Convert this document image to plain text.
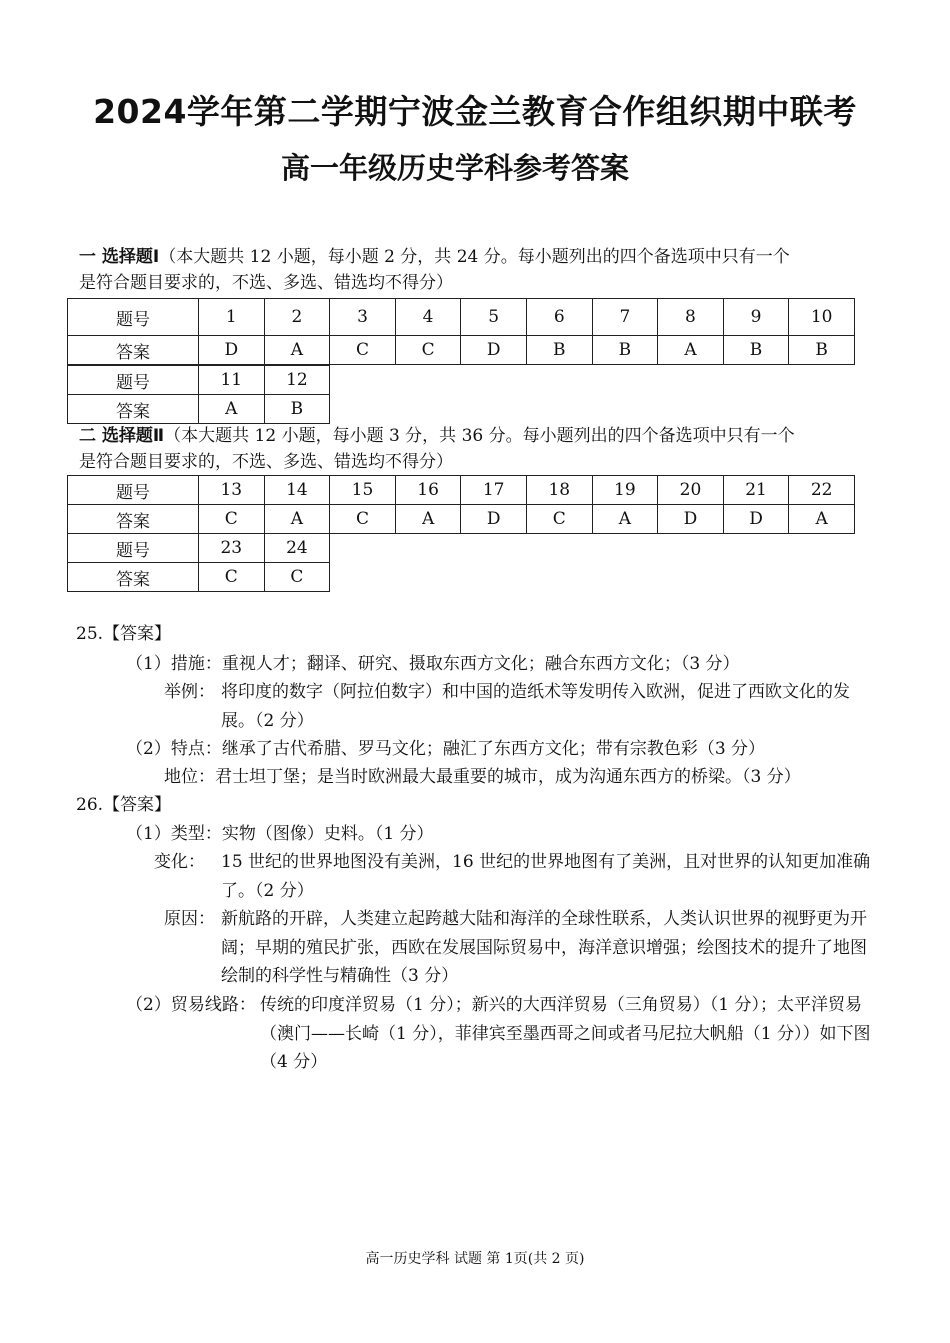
2024学年第二学期宁波金兰教育合作组织期中联考
高一年级历史学科参考答案
一 选择题Ⅰ（本大题共 12 小题，每小题 2 分，共 24 分。每小题列出的四个备选项中只有一个
是符合题目要求的，不选、多选、错选均不得分）
题号	1	2	3	4	5	6	7	8	9	10
答案	D	A	C	C	D	B	B	A	B	B
题号	11	12
答案	A	B
二 选择题Ⅱ（本大题共 12 小题，每小题 3 分，共 36 分。每小题列出的四个备选项中只有一个
是符合题目要求的，不选、多选、错选均不得分）
题号	13	14	15	16	17	18	19	20	21	22
答案	C	A	C	A	D	C	A	D	D	A
题号	23	24
答案	C	C
25.【答案】
（1）措施：重视人才；翻译、研究、摄取东西方文化；融合东西方文化；（3 分）
举例： 将印度的数字（阿拉伯数字）和中国的造纸术等发明传入欧洲，促进了西欧文化的发展。（2 分）
（2）特点：继承了古代希腊、罗马文化；融汇了东西方文化；带有宗教色彩（3 分）
地位：君士坦丁堡；是当时欧洲最大最重要的城市，成为沟通东西方的桥梁。（3 分）
26.【答案】
（1）类型：实物（图像）史料。（1 分）
变化： 15 世纪的世界地图没有美洲，16 世纪的世界地图有了美洲，且对世界的认知更加准确了。（2 分）
原因： 新航路的开辟，人类建立起跨越大陆和海洋的全球性联系，人类认识世界的视野更为开阔；早期的殖民扩张，西欧在发展国际贸易中，海洋意识增强；绘图技术的提升了地图绘制的科学性与精确性（3 分）
（2）贸易线路： 传统的印度洋贸易（1 分）；新兴的大西洋贸易（三角贸易）（1 分）；太平洋贸易（澳门——长崎（1 分），菲律宾至墨西哥之间或者马尼拉大帆船（1 分））如下图（4 分）
高一历史学科 试题 第 1页(共 2 页)
